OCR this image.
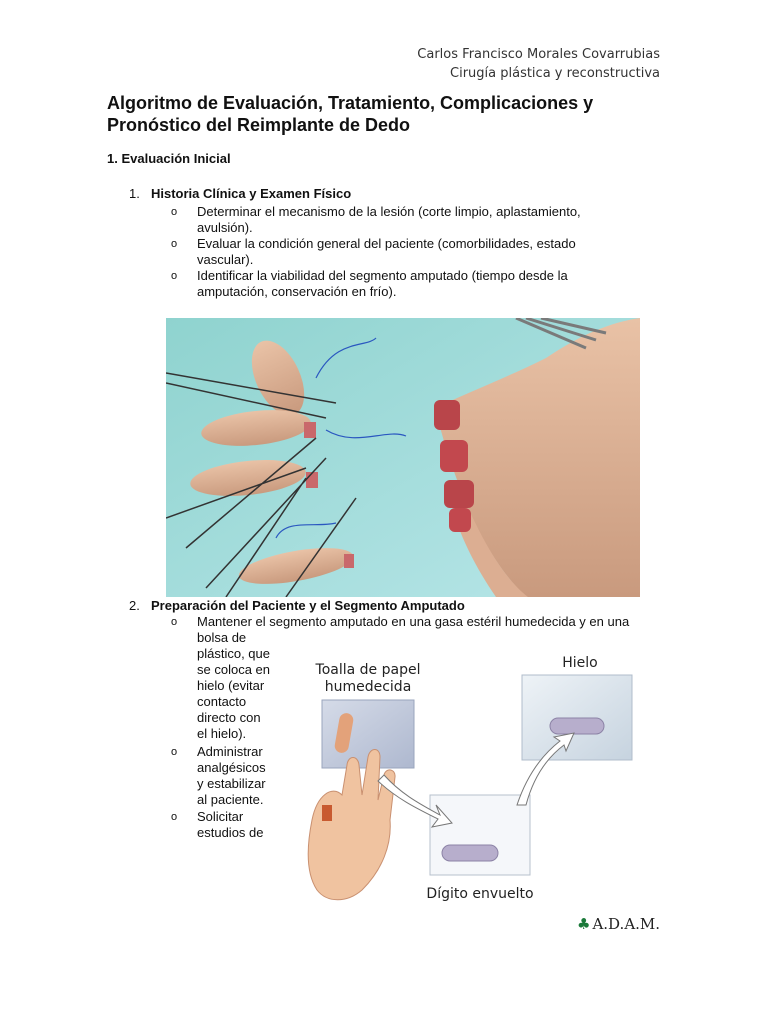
Carlos Francisco Morales Covarrubias
Cirugía plástica y reconstructiva
Algoritmo de Evaluación, Tratamiento, Complicaciones y Pronóstico del Reimplante de Dedo
1. Evaluación Inicial
1. Historia Clínica y Examen Físico
o Determinar el mecanismo de la lesión (corte limpio, aplastamiento,
avulsión).
o Evaluar la condición general del paciente (comorbilidades, estado
vascular).
o Identificar la viabilidad del segmento amputado (tiempo desde la
amputación, conservación en frío).
2. Preparación del Paciente y el Segmento Amputado
o Mantener el segmento amputado en una gasa estéril humedecida y en una
bolsa de
plástico, que
se coloca en
hielo (evitar
contacto
directo con
el hielo).
o Administrar
analgésicos
y estabilizar
al paciente.
o Solicitar
estudios de
Toalla de papel
humedecida
Hielo
Dígito envuelto
♣ A.D.A.M.
